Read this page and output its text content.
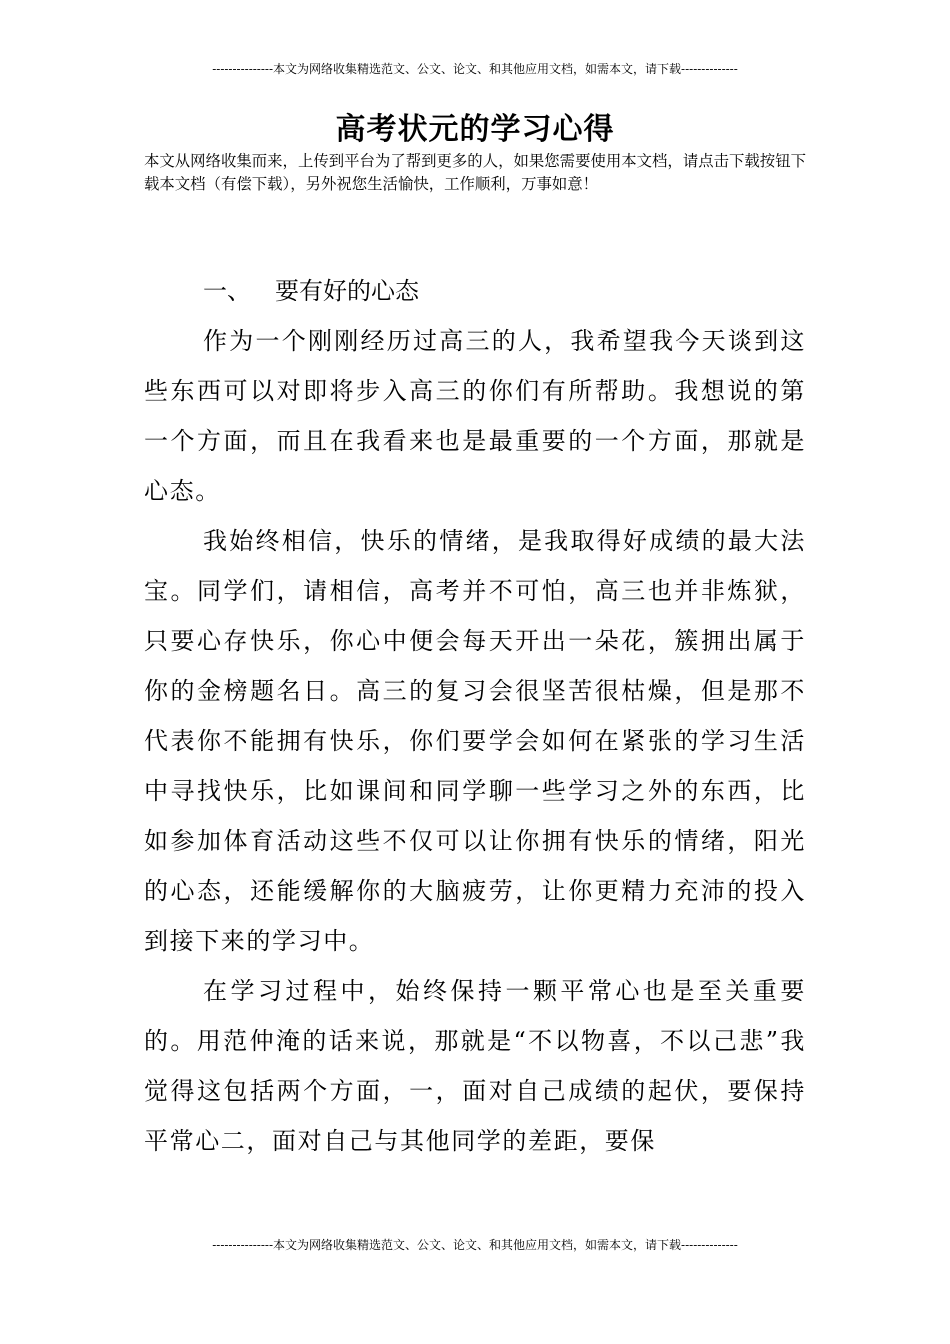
---------------本文为网络收集精选范文、公文、论文、和其他应用文档，如需本文，请下载--------------
高考状元的学习心得

本文从网络收集而来，上传到平台为了帮到更多的人，如果您需要使用本文档，请点击下载按钮下载本文档（有偿下载），另外祝您生活愉快，工作顺利，万事如意！

一、 要有好的心态

作为一个刚刚经历过高三的人，我希望我今天谈到这些东西可以对即将步入高三的你们有所帮助。我想说的第一个方面，而且在我看来也是最重要的一个方面，那就是心态。

我始终相信，快乐的情绪，是我取得好成绩的最大法宝。同学们，请相信，高考并不可怕，高三也并非炼狱，只要心存快乐，你心中便会每天开出一朵花，簇拥出属于你的金榜题名日。高三的复习会很坚苦很枯燥，但是那不代表你不能拥有快乐，你们要学会如何在紧张的学习生活中寻找快乐，比如课间和同学聊一些学习之外的东西，比如参加体育活动这些不仅可以让你拥有快乐的情绪，阳光的心态，还能缓解你的大脑疲劳，让你更精力充沛的投入到接下来的学习中。

在学习过程中，始终保持一颗平常心也是至关重要的。用范仲淹的话来说，那就是“不以物喜，不以己悲”我觉得这包括两个方面，一，面对自己成绩的起伏，要保持平常心二，面对自己与其他同学的差距，要保

---------------本文为网络收集精选范文、公文、论文、和其他应用文档，如需本文，请下载--------------
